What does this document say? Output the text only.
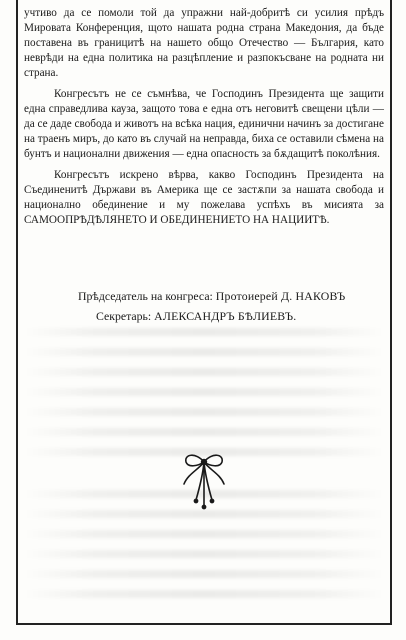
учтиво да се помоли той да упражни най-добритѣ си усилия прѣдъ Мировата Конференция, щото нашата родна страна Македония, да бъде поставена въ границитѣ на нашето общо Отечество — България, като неврѣди на една политика на разцѣпление и разпокъсване на родната ни страна.

Конгресътъ не се съмнѣва, че Господинъ Президента ще защити една справедлива кауза, защото това е една отъ неговитѣ свещени цѣли — да се даде свобода и животъ на всѣка нация, единични начинъ за достигане на траенъ миръ, до като въ случай на неправда, биха се оставили сѣмена на бунтъ и национални движения — една опасность за бѫдащитѣ поколѣния.

Конгресътъ искрено вѣрва, какво Господинъ Президента на Съединенитѣ Държави въ Америка ще се застѫпи за нашата свобода и национално обединение и му пожелава успѣхъ въ мисията за САМООПРѢДѢЛЯНЕТО И ОБЕДИНЕНИЕТО НА НАЦИИТѢ.

Прѣдседатель на конгреса: Протоиерей Д. НАКОВЪ
Секретарь: АЛЕКСАНДРЪ БѢЛИЕВЪ.
